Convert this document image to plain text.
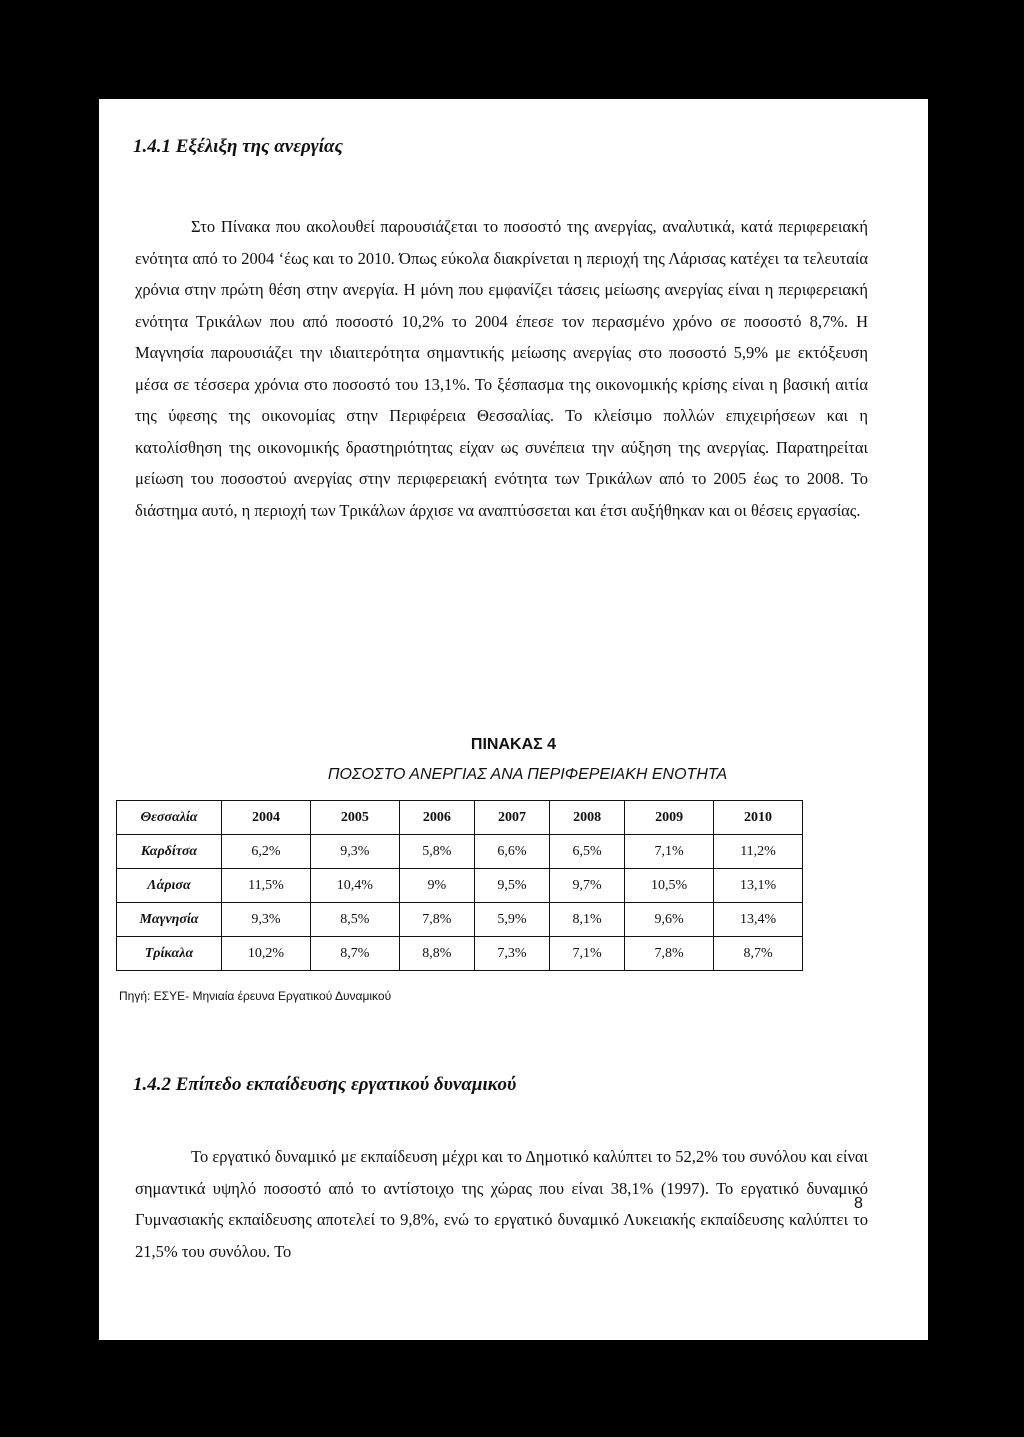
1.4.1 Εξέλιξη της ανεργίας

Στο Πίνακα που ακολουθεί παρουσιάζεται το ποσοστό της ανεργίας, αναλυτικά, κατά περιφερειακή ενότητα από το 2004 ‘έως και το 2010. Όπως εύκολα διακρίνεται η περιοχή της Λάρισας κατέχει τα τελευταία χρόνια στην πρώτη θέση στην ανεργία. Η μόνη που εμφανίζει τάσεις μείωσης ανεργίας είναι η περιφερειακή ενότητα Τρικάλων που από ποσοστό 10,2% το 2004 έπεσε τον περασμένο χρόνο σε ποσοστό 8,7%. Η Μαγνησία παρουσιάζει την ιδιαιτερότητα σημαντικής μείωσης ανεργίας στο ποσοστό 5,9% με εκτόξευση μέσα σε τέσσερα χρόνια στο ποσοστό του 13,1%. Το ξέσπασμα της οικονομικής κρίσης είναι η βασική αιτία της ύφεσης της οικονομίας στην Περιφέρεια Θεσσαλίας. Το κλείσιμο πολλών επιχειρήσεων και η κατολίσθηση της οικονομικής δραστηριότητας είχαν ως συνέπεια την αύξηση της ανεργίας. Παρατηρείται μείωση του ποσοστού ανεργίας στην περιφερειακή ενότητα των Τρικάλων από το 2005 έως το 2008. Το διάστημα αυτό, η περιοχή των Τρικάλων άρχισε να αναπτύσσεται και έτσι αυξήθηκαν και οι θέσεις εργασίας.

ΠΙΝΑΚΑΣ 4

ΠΟΣΟΣΤΟ ΑΝΕΡΓΙΑΣ ΑΝΑ ΠΕΡΙΦΕΡΕΙΑΚΗ ΕΝΟΤΗΤΑ

Θεσσαλία	2004	2005	2006	2007	2008	2009	2010
Καρδίτσα	6,2%	9,3%	5,8%	6,6%	6,5%	7,1%	11,2%
Λάρισα	11,5%	10,4%	9%	9,5%	9,7%	10,5%	13,1%
Μαγνησία	9,3%	8,5%	7,8%	5,9%	8,1%	9,6%	13,4%
Τρίκαλα	10,2%	8,7%	8,8%	7,3%	7,1%	7,8%	8,7%

Πηγή: ΕΣΥΕ- Μηνιαία έρευνα Εργατικού Δυναμικού

1.4.2 Επίπεδο εκπαίδευσης εργατικού δυναμικού

Το εργατικό δυναμικό με εκπαίδευση μέχρι και το Δημοτικό καλύπτει το 52,2% του συνόλου και είναι σημαντικά υψηλό ποσοστό από το αντίστοιχο της χώρας που είναι 38,1% (1997). Το εργατικό δυναμικό Γυμνασιακής εκπαίδευσης αποτελεί το 9,8%, ενώ το εργατικό δυναμικό Λυκειακής εκπαίδευσης καλύπτει το 21,5% του συνόλου. Το

8
